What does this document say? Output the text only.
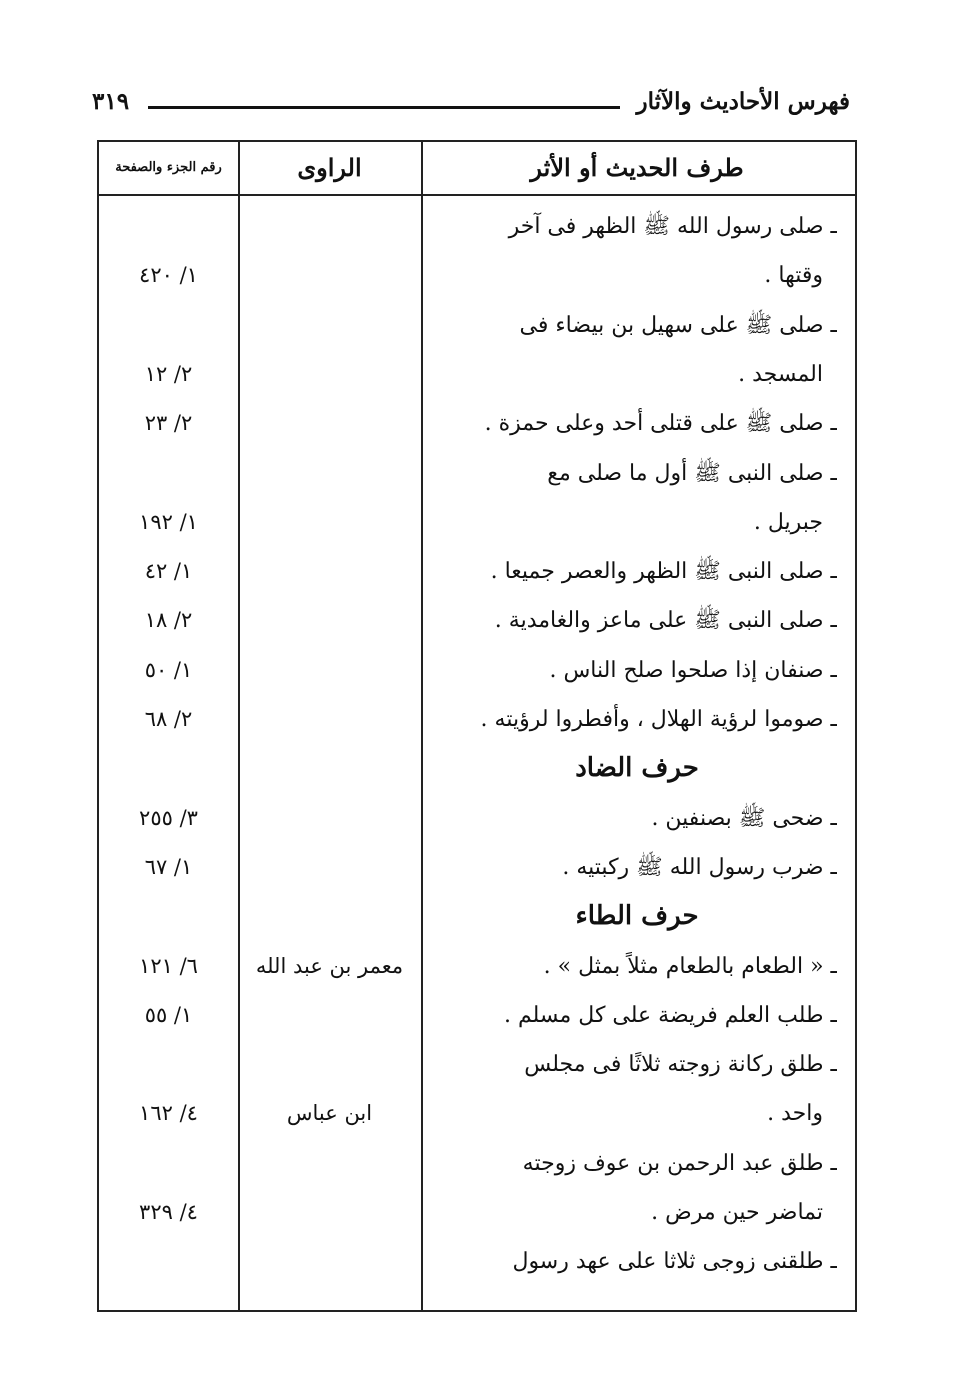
فهرس الأحاديث والآثار
٣١٩
طرف الحديث أو الأثر
الراوى
رقم الجزء والصفحة
ـ صلى رسول الله ﷺ الظهر فى آخر
وقتها .
١/ ٤٢٠
ـ صلى ﷺ على سهيل بن بيضاء فى
المسجد .
٢/ ١٢
ـ صلى ﷺ على قتلى أحد وعلى حمزة .
٢/ ٢٣
ـ صلى النبى ﷺ أول ما صلى مع
جبريل .
١/ ١٩٢
ـ صلى النبى ﷺ الظهر والعصر جميعا .
١/ ٤٢
ـ صلى النبى ﷺ على ماعز والغامدية .
٢/ ١٨
ـ صنفان إذا صلحوا صلح الناس .
١/ ٥٠
ـ صوموا لرؤية الهلال ، وأفطروا لرؤيته .
٢/ ٦٨
حرف الضاد
ـ ضحى ﷺ بصنفين .
٣/ ٢٥٥
ـ ضرب رسول الله ﷺ ركبتيه .
١/ ٦٧
حرف الطاء
ـ « الطعام بالطعام مثلاً بمثل » .
معمر بن عبد الله
٦/ ١٢١
ـ طلب العلم فريضة على كل مسلم .
١/ ٥٥
ـ طلق ركانة زوجته ثلاثًا فى مجلس
واحد .
ابن عباس
٤/ ١٦٢
ـ طلق عبد الرحمن بن عوف زوجته
تماضر حين مرض .
٤/ ٣٢٩
ـ طلقنى زوجى ثلاثا على عهد رسول
